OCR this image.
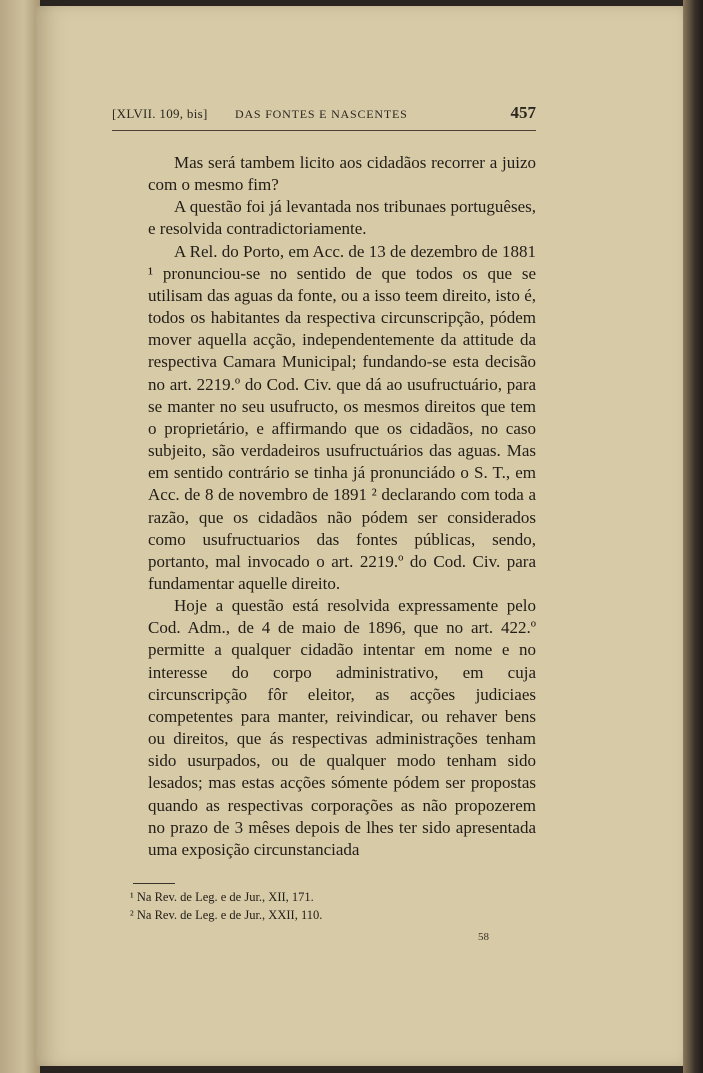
[XLVII. 109, bis] DAS FONTES E NASCENTES	457

Mas será tambem licito aos cidadãos recorrer a juizo com o mesmo fim?

A questão foi já levantada nos tribunaes portuguêses, e resolvida contradictoriamente.

A Rel. do Porto, em Acc. de 13 de dezembro de 1881 ¹ pronunciou-se no sentido de que todos os que se utilisam das aguas da fonte, ou a isso teem direito, isto é, todos os habitantes da respectiva circunscripção, pódem mover aquella acção, independentemente da attitude da respectiva Camara Municipal; fundando-se esta decisão no art. 2219.º do Cod. Civ. que dá ao usufructuário, para se manter no seu usufructo, os mesmos direitos que tem o proprietário, e affirmando que os cidadãos, no caso subjeito, são verdadeiros usufructuários das aguas. Mas em sentido contrário se tinha já pronunciádo o S. T., em Acc. de 8 de novembro de 1891 ² declarando com toda a razão, que os cidadãos não pódem ser considerados como usufructuarios das fontes públicas, sendo, portanto, mal invocado o art. 2219.º do Cod. Civ. para fundamentar aquelle direito.

Hoje a questão está resolvida expressamente pelo Cod. Adm., de 4 de maio de 1896, que no art. 422.º permitte a qualquer cidadão intentar em nome e no interesse do corpo administrativo, em cuja circunscripção fôr eleitor, as acções judiciaes competentes para manter, reivindicar, ou rehaver bens ou direitos, que ás respectivas administrações tenham sido usurpados, ou de qualquer modo tenham sido lesados; mas estas acções sómente pódem ser propostas quando as respectivas corporações as não propozerem no prazo de 3 mêses depois de lhes ter sido apresentada uma exposição circunstanciada

¹ Na Rev. de Leg. e de Jur., XII, 171.
² Na Rev. de Leg. e de Jur., XXII, 110.
58
